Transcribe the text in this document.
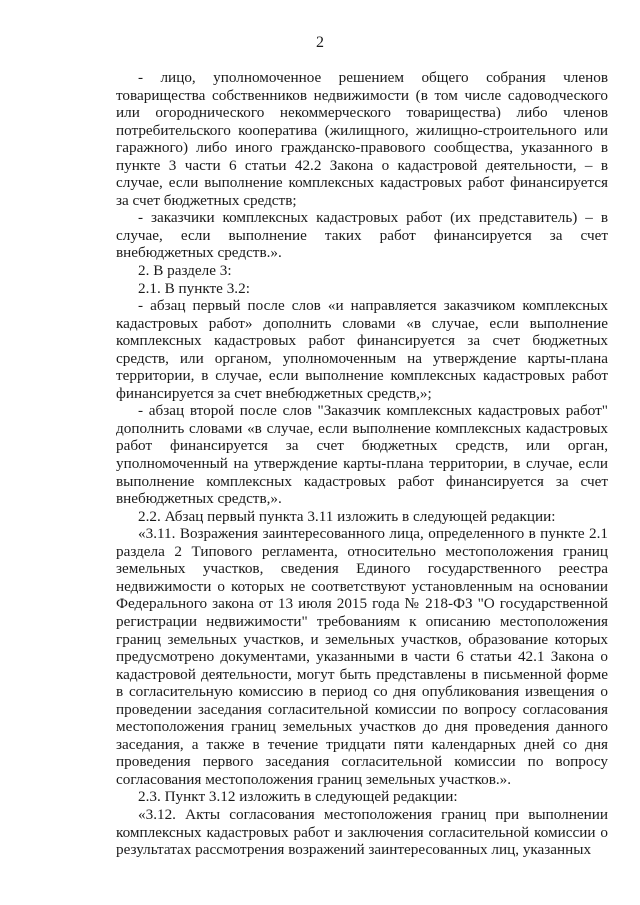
2

- лицо, уполномоченное решением общего собрания членов товарищества собственников недвижимости (в том числе садоводческого или огороднического некоммерческого товарищества) либо членов потребительского кооператива (жилищного, жилищно-строительного или гаражного) либо иного гражданско-правового сообщества, указанного в пункте 3 части 6 статьи 42.2 Закона о кадастровой деятельности, – в случае, если выполнение комплексных кадастровых работ финансируется за счет бюджетных средств;

- заказчики комплексных кадастровых работ (их представитель) – в случае, если выполнение таких работ финансируется за счет внебюджетных средств.».

2. В разделе 3:

2.1. В пункте 3.2:

- абзац первый после слов «и направляется заказчиком комплексных кадастровых работ» дополнить словами «в случае, если выполнение комплексных кадастровых работ финансируется за счет бюджетных средств, или органом, уполномоченным на утверждение карты-плана территории, в случае, если выполнение комплексных кадастровых работ финансируется за счет внебюджетных средств,»;

- абзац второй после слов "Заказчик комплексных кадастровых работ" дополнить словами «в случае, если выполнение комплексных кадастровых работ финансируется за счет бюджетных средств, или орган, уполномоченный на утверждение карты-плана территории, в случае, если выполнение комплексных кадастровых работ финансируется за счет внебюджетных средств,».

2.2. Абзац первый пункта 3.11 изложить в следующей редакции:

«3.11. Возражения заинтересованного лица, определенного в пункте 2.1 раздела 2 Типового регламента, относительно местоположения границ земельных участков, сведения Единого государственного реестра недвижимости о которых не соответствуют установленным на основании Федерального закона от 13 июля 2015 года № 218-ФЗ "О государственной регистрации недвижимости" требованиям к описанию местоположения границ земельных участков, и земельных участков, образование которых предусмотрено документами, указанными в части 6 статьи 42.1 Закона о кадастровой деятельности, могут быть представлены в письменной форме в согласительную комиссию в период со дня опубликования извещения о проведении заседания согласительной комиссии по вопросу согласования местоположения границ земельных участков до дня проведения данного заседания, а также в течение тридцати пяти календарных дней со дня проведения первого заседания согласительной комиссии по вопросу согласования местоположения границ земельных участков.».

2.3. Пункт 3.12 изложить в следующей редакции:

«3.12. Акты согласования местоположения границ при выполнении комплексных кадастровых работ и заключения согласительной комиссии о результатах рассмотрения возражений заинтересованных лиц, указанных
